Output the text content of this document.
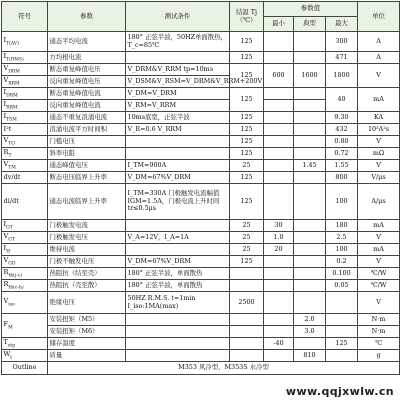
符号	参数	测试条件	结温 Tj（℃）	参数值			单位
				最小	典型	最大	
$I_{T(AV)}$	通态平均电流	180° 正弦半波，50HZ单面散热，T_c=85℃	125			300	A
$I_{T(RMS)}$	方均根电流		125			471	A
$V_{DRM}$	断态重复峰值电压	V_DRM&V_RRM tp=10ms	125	600	1600	1800	V
$V_{RRM}$	反向重复峰值电压	V_DSM&V_RSM=V_DRM&V_RRM+200V					
$I_{DRM}$	断态重复峰值电流	V_DM=V_DRM	125			40	mA
$I_{RRM}$	反向重复峰值电流	V_RM=V_RRM					
$I_{TSM}$	通态不重复浪涌电流	10ms底宽，正弦半波	125			9.30	KA
I²t	浪涌电流平方时间积	V_R=0.6 V_RRM	125			432	10³A²s
$V_{TO}$	门槛电压		125			0.80	V
$R_T$	斜率电阻		125			0.72	mΩ
$V_{TM}$	通态峰值电压	I_TM=900A	25		1.45	1.55	V
dv/dt	断态电压临界上升率	V_DM=67%V_DRM	125			800	V/μs
di/dt	通态电流临界上升率	I_TM=330A 门极触发电流幅值IGM=1.5A，门极电流上升时间tr≤0.5μs	125			100	A/μs
$I_{GT}$	门极触发电流		25	30		180	mA
$V_{GT}$	门极触发电压	V_A=12V，I_A=1A	25	1.0		2.5	V
$I_H$	维持电流		25	20		100	mA
$V_{GD}$	门极不触发电压	V_DM=67%V_DRM	125			0.2	V
$R_{th(j-c)}$	热阻抗（结至壳）	180° 正弦半波，单面散热				0.100	℃/W
$R_{th(c-h)}$	热阻抗（壳至散）	180° 正弦半波，单面散热				0.05	℃/W
$V_{iso}$	绝缘电压	50HZ R.M.S. t=1min I_iso:1MA(max)	2500				V
$F_M$	安装扭矩（M5）				2.0		N·m
	安装扭矩（M6）				3.0		N·m
$T_{stg}$	储存温度			-40		125	℃
$W_t$	质量				810		g
Outline	M353 风冷型、M353S 水冷型						
www.qqjxwlw.cn
